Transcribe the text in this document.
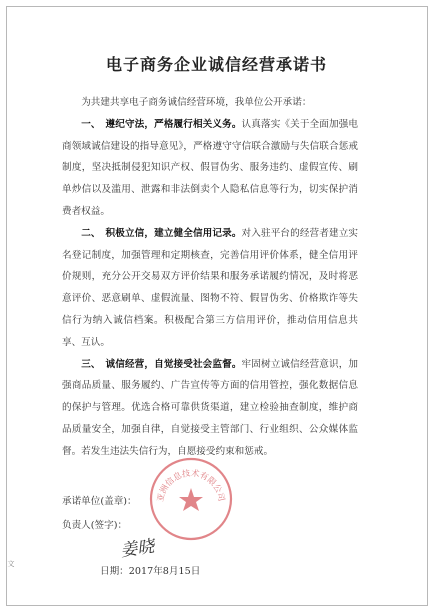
电子商务企业诚信经营承诺书

为共建共享电子商务诚信经营环境，我单位公开承诺：

一、　遵纪守法，严格履行相关义务。认真落实《关于全面加强电商领域诚信建设的指导意见》，严格遵守守信联合激励与失信联合惩戒制度，坚决抵制侵犯知识产权、假冒伪劣、服务违约、虚假宣传、刷单炒信以及滥用、泄露和非法倒卖个人隐私信息等行为，切实保护消费者权益。

二、　积极立信，建立健全信用记录。对入驻平台的经营者建立实名登记制度，加强管理和定期核查，完善信用评价体系，健全信用评价规则，充分公开交易双方评价结果和服务承诺履约情况，及时将恶意评价、恶意刷单、虚假流量、图物不符、假冒伪劣、价格欺诈等失信行为纳入诚信档案。积极配合第三方信用评价，推动信用信息共享、互认。

三、　诚信经营，自觉接受社会监督。牢固树立诚信经营意识，加强商品质量、服务履约、广告宣传等方面的信用管控，强化数据信息的保护与管理。优选合格可靠供货渠道，建立检验抽查制度，维护商品质量安全，加强自律，自觉接受主管部门、行业组织、公众媒体监督。若发生违法失信行为，自愿接受约束和惩戒。

亚洲信息技术有限公司
承诺单位(盖章)：
负责人(签字)：
姜晓
日期：2017年8月15日
文
